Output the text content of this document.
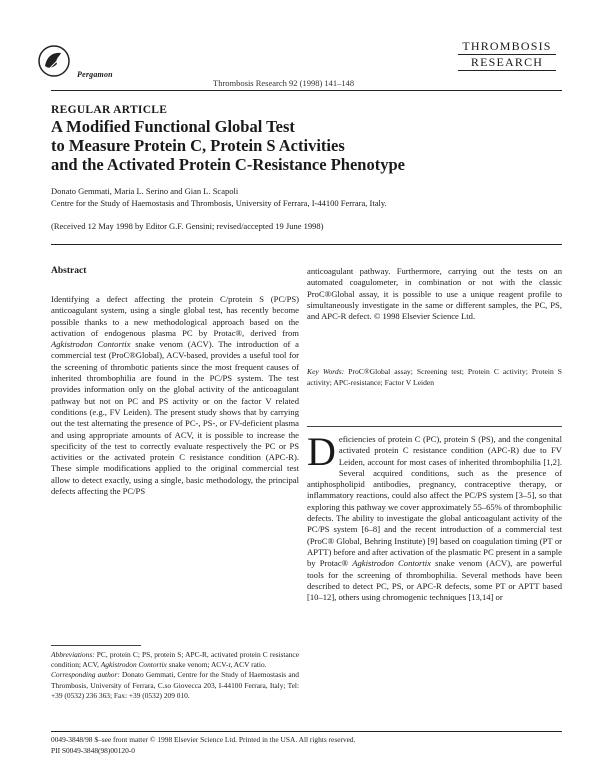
Pergamon
Thrombosis Research 92 (1998) 141–148
THROMBOSIS
RESEARCH
REGULAR ARTICLE
A Modified Functional Global Test
to Measure Protein C, Protein S Activities
and the Activated Protein C-Resistance Phenotype
Donato Gemmati, Maria L. Serino and Gian L. Scapoli
Centre for the Study of Haemostasis and Thrombosis, University of Ferrara, I-44100 Ferrara, Italy.
(Received 12 May 1998 by Editor G.F. Gensini; revised/accepted 19 June 1998)
Abstract

Identifying a defect affecting the protein C/protein S (PC/PS) anticoagulant system, using a single global test, has recently become possible thanks to a new methodological approach based on the activation of endogenous plasma PC by Protac®, derived from Agkistrodon Contortix snake venom (ACV). The introduction of a commercial test (ProC®Global), ACV-based, provides a useful tool for the screening of thrombotic patients since the most frequent causes of inherited thrombophilia are found in the PC/PS system. The test provides information only on the global activity of the anticoagulant pathway but not on PC and PS activity or on the factor V related conditions (e.g., FV Leiden). The present study shows that by carrying out the test alternating the presence of PC-, PS-, or FV-deficient plasma and using appropriate amounts of ACV, it is possible to increase the specificity of the test to correctly evaluate respectively the PC or PS activities or the activated protein C resistance condition (APC-R). These simple modifications applied to the original commercial test allow to detect exactly, using a single, basic methodology, the principal defects affecting the PC/PS

Abbreviations: PC, protein C; PS, protein S; APC-R, activated protein C resistance condition; ACV, Agkistrodon Contortix snake venom; ACV-r, ACV ratio.

Corresponding author: Donato Gemmati, Centre for the Study of Haemostasis and Thrombosis, University of Ferrara, C.so Giovecca 203, I-44100 Ferrara, Italy; Tel: +39 (0532) 236 363; Fax: +39 (0532) 209 010.

anticoagulant pathway. Furthermore, carrying out the tests on an automated coagulometer, in combination or not with the classic ProC®Global assay, it is possible to use a unique reagent profile to simultaneously investigate in the same or different samples, the PC, PS, and APC-R defect. © 1998 Elsevier Science Ltd.

Key Words: ProC®Global assay; Screening test; Protein C activity; Protein S activity; APC-resistance; Factor V Leiden

D eficiencies of protein C (PC), protein S (PS), and the congenital activated protein C resistance condition (APC-R) due to FV Leiden, account for most cases of inherited thrombophilia [1,2]. Several acquired conditions, such as the presence of antiphospholipid antibodies, pregnancy, contraceptive therapy, or inflammatory reactions, could also affect the PC/PS system [3–5], so that exploring this pathway we cover approximately 55–65% of thrombophilic defects. The ability to investigate the global anticoagulant activity of the PC/PS system [6–8] and the recent introduction of a commercial test (ProC® Global, Behring Institute) [9] based on coagulation timing (PT or APTT) before and after activation of the plasmatic PC present in a sample by Protac® Agkistrodon Contortix snake venom (ACV), are powerful tools for the screening of thrombophilia. Several methods have been described to detect PC, PS, or APC-R defects, some PT or APTT based [10–12], others using chromogenic techniques [13,14] or

0049-3848/98 $–see front matter © 1998 Elsevier Science Ltd. Printed in the USA. All rights reserved.
PII S0049-3848(98)00120-0
